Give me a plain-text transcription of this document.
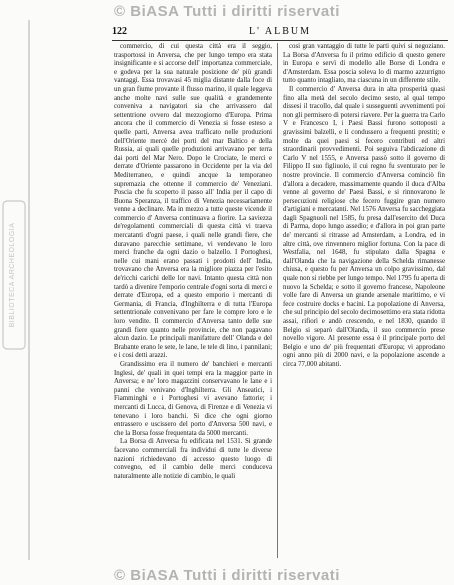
© BiASA Tutti i diritti riservati
BIBLIOTECA ARCHEOLOGIA
122	L' ALBUM

commercio, di cui questa città era il seggio, trasportossi in Anversa, che per lungo tempo era stata insignificante e si accorse dell' importanza commerciale, e godeva per la sua naturale posizione de' più grandi vantaggi. Essa trovavasi 45 miglia distante dalla foce di un gran fiume provante il flusso marino, il quale leggeva anche molte navi sulle sue qualità e grandemente conveniva a navigatori sia che arrivassero dal settentrione ovvero dal mezzogiorno d'Europa. Prima ancora che il commercio di Venezia si fosse esteso a quelle parti, Anversa avea trafficato nelle produzioni dell'Oriente mercè dei porti del mar Baltico e della Russia, ai quali quelle produzioni arrivavano per terra dai porti del Mar Nero. Dopo le Crociate, le merci e derrate d'Oriente passarono in Occidente per la via del Mediterraneo, e quindi ancque la temporaneo supremazia che ottenne il commercio de' Veneziani. Poscia che fu scoperto il passo all' India per il capo di Buona Speranza, il traffico di Venezia necessariamente venne a declinare. Ma in mezzo a tutte queste vicende il commercio d' Anversa continuava a fiorire. La saviezza de'regolamenti commerciali di questa città vi traeva mercatanti d'ogni paese, i quali nelle grandi fiere, che duravano parecchie settimane, vi vendevano le loro merci franche da ogni dazio o balzello. I Portoghesi, nelle cui mani erano passati i prodotti dell' India, trovavano che Anversa era la migliore piazza per l'esito de'ricchi carichi delle lor navi. Intanto questa città non tardò a divenire l'emporio centrale d'ogni sorta di merci e derrate d'Europa, ed a questo emporio i mercanti di Germania, di Francia, d'Inghilterra e di tutta l'Europa settentrionale convenivano per fare le compre loro e le loro vendite. Il commercio d'Anversa tanto delle sue grandi fiere quanto nelle provincie, che non pagavano alcun dazio. Le principali manifatture dell' Olanda e del Brabante erano le sete, le lane, le tele di lino, i pannilani; e i cosi detti arazzi.

Grandissimo era il numero de' banchieri e mercanti Inglesi, de' quali in quei tempi era la maggior parte in Anversa; e ne' loro magazzini conservavano le lane e i panni che venivano d'Inghilterra. Gli Anseatici, i Fiamminghi e i Portoghesi vi avevano fattorie; i mercanti di Lucca, di Genova, di Firenze e di Venezia vi tenevano i loro banchi. Si dice che ogni giorno entrassero e uscissero del porto d'Anversa 500 navi, e che la Borsa fosse frequentata da 5000 mercanti.

La Borsa di Anversa fu edificata nel 1531. Si grande facevano commerciali fra individui di tutte le diverse nazioni richiedevano di accesso questo luogo di convegno, ed il cambio delle merci conduceva naturalmente alle notizie di cambio, le quali

cosi gran vantaggio di tutte le parti quivi si negoziano. La Borsa d'Anversa fu il primo edificio di questo genere in Europa e servì di modello alle Borse di Londra e d'Amsterdam. Essa poscia soleva lo di marmo azzurrigno tutto quanto intagliato, ma ciascuna in un differente stile.

Il commercio d' Anversa dura in alta prosperità quasi fino alla metà del secolo decimo sesto, al qual tempo dissesi il tracollo, dal quale i susseguenti avvenimenti poi non gli permisero di potersi riavere. Per la guerra tra Carlo V e Francesco I, i Paesi Bassi furono sottoposti a gravissimi balzelli, e li condussero a frequenti prestiti; e molte da quei paesi si fecero contributi ed altri straordinarii provvedimenti. Poi seguiva l'abdicazione di Carlo V nel 1555, e Anversa passò sotto il governo di Filippo II suo figliuolo, il cui regno fu sventurato per le nostre provincie. Il commercio d'Anversa cominciò fin d'allora a decadere, massimamente quando il duca d'Alba venne al governo de' Paesi Bassi, e si rinnovarono le persecuzioni religiose che fecero fuggire gran numero d'artigiani e mercatanti. Nel 1576 Anversa fu saccheggiata dagli Spagnuoli nel 1585, fu presa dall'esercito del Duca di Parma, dopo lungo assedio; e d'allora in poi gran parte de' mercanti si ritrasse ad Amsterdam, a Londra, ed in altre città, ove rinvennero miglior fortuna. Con la pace di Westfalia, nel 1648, fu stipulato dalla Spagna e dall'Olanda che la navigazione della Schelda rimanesse chiusa, e questo fu per Anversa un colpo gravissimo, dal quale non si riebbe per lungo tempo. Nel 1795 fu aperta di nuovo la Schelda; e sotto il governo francese, Napoleone volle fare di Anversa un grande arsenale marittimo, e vi fece costruire docks e bacini. La popolazione di Anversa, che sul principio del secolo decimosettimo era stata ridotta assai, rifiorì e andò crescendo, e nel 1830, quando il Belgio si separò dall'Olanda, il suo commercio prese novello vigore. Al presente essa è il principale porto del Belgio e uno de' più frequentati d'Europa; vi approdano ogni anno più di 2000 navi, e la popolazione ascende a circa 77,000 abitanti.

© BiASA Tutti i diritti riservati
